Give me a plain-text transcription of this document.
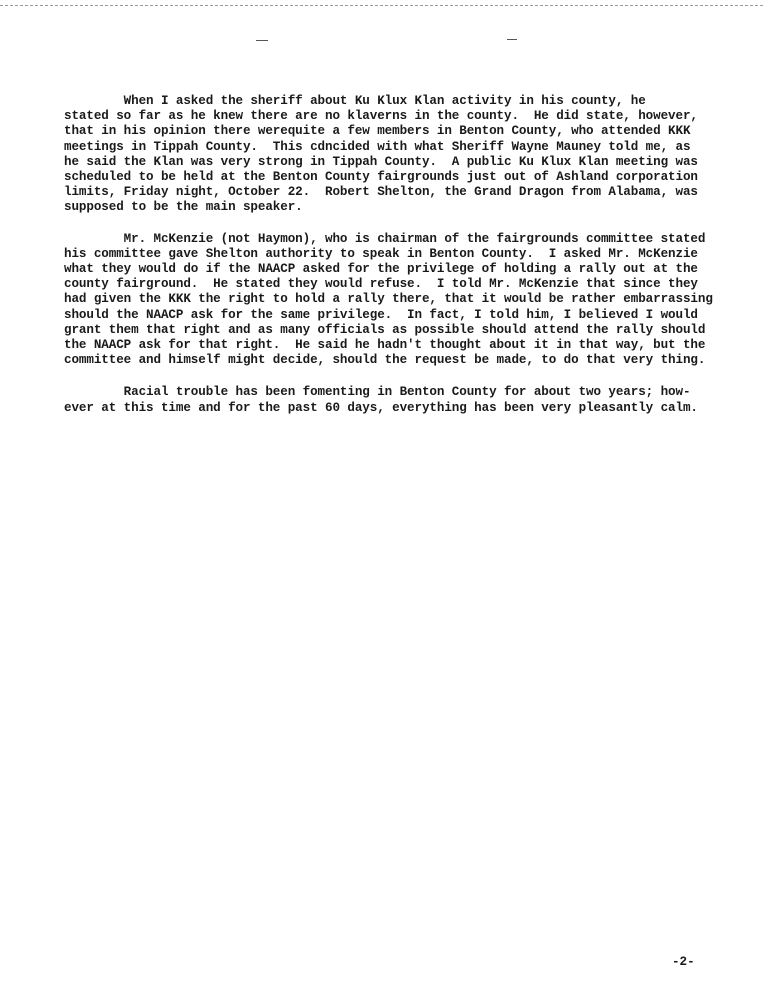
When I asked the sheriff about Ku Klux Klan activity in his county, he
stated so far as he knew there are no klaverns in the county.  He did state, however,
that in his opinion there werequite a few members in Benton County, who attended KKK
meetings in Tippah County.  This cdncided with what Sheriff Wayne Mauney told me, as
he said the Klan was very strong in Tippah County.  A public Ku Klux Klan meeting was
scheduled to be held at the Benton County fairgrounds just out of Ashland corporation
limits, Friday night, October 22.  Robert Shelton, the Grand Dragon from Alabama, was
supposed to be the main speaker.

Mr. McKenzie (not Haymon), who is chairman of the fairgrounds committee stated
his committee gave Shelton authority to speak in Benton County.  I asked Mr. McKenzie
what they would do if the NAACP asked for the privilege of holding a rally out at the
county fairground.  He stated they would refuse.  I told Mr. McKenzie that since they
had given the KKK the right to hold a rally there, that it would be rather embarrassing
should the NAACP ask for the same privilege.  In fact, I told him, I believed I would
grant them that right and as many officials as possible should attend the rally should
the NAACP ask for that right.  He said he hadn't thought about it in that way, but the
committee and himself might decide, should the request be made, to do that very thing.

Racial trouble has been fomenting in Benton County for about two years; how-
ever at this time and for the past 60 days, everything has been very pleasantly calm.

-2-
